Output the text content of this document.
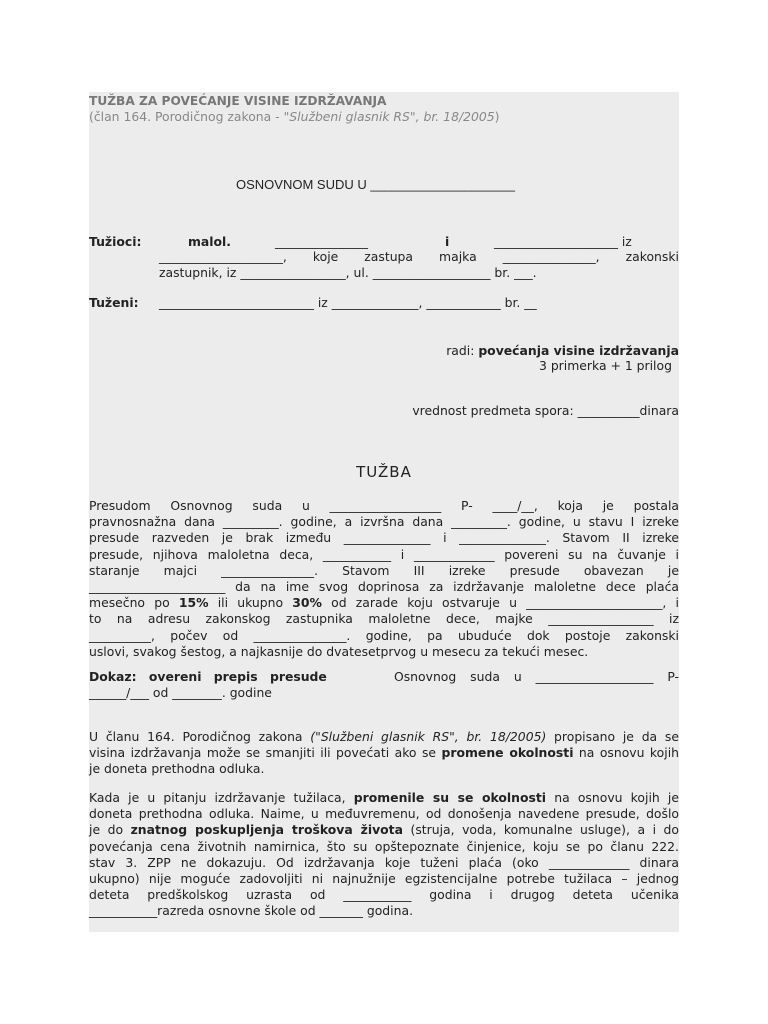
TUŽBA ZA POVEĆANJE VISINE IZDRŽAVANJA
(član 164. Porodičnog zakona - "Službeni glasnik RS", br. 18/2005)
OSNOVNOM SUDU U ____________________
Tužioci:	malol.	_______________	i	____________________ iz
____________________, koje zastupa majka _______________, zakonski
zastupnik, iz _________________, ul. ___________________ br. ___.
Tuženi: _________________________ iz ______________, ____________ br. __
radi: povećanja visine izdržavanja
3 primerka + 1 prilog
vrednost predmeta spora: __________dinara
TUŽBA
Presudom Osnovnog suda u __________________ P- ____/__, koja je postala
pravnosnažna dana _________. godine, a izvršna dana _________. godine, u stavu I izreke
presude razveden je brak između ______________ i ______________. Stavom II izreke
presude, njihova maloletna deca, ___________ i _____________ povereni su na čuvanje i
staranje majci _______________. Stavom III izreke presude obavezan je
______________________ da na ime svog doprinosa za izdržavanje maloletne dece plaća
mesečno po 15% ili ukupno 30% od zarade koju ostvaruje u ______________________, i
to na adresu zakonskog zastupnika maloletne dece, majke _________________ iz
__________, počev od _______________. godine, pa ubuduće dok postoje zakonski
uslovi, svakog šestog, a najkasnije do dvatesetprvog u mesecu za tekući mesec.
Dokaz: overeni prepis presude	Osnovnog suda u ___________________ P-
______/___ od ________. godine
U članu 164. Porodičnog zakona ("Službeni glasnik RS", br. 18/2005) propisano je da se
visina izdržavanja može se smanjiti ili povećati ako se promene okolnosti na osnovu kojih
je doneta prethodna odluka.
Kada je u pitanju izdržavanje tužilaca, promenile su se okolnosti na osnovu kojih je
doneta prethodna odluka. Naime, u međuvremenu, od donošenja navedene presude, došlo
je do znatnog poskupljenja troškova života (struja, voda, komunalne usluge), a i do
povećanja cena životnih namirnica, što su opštepoznate činjenice, koju se po članu 222.
stav 3. ZPP ne dokazuju. Od izdržavanja koje tuženi plaća (oko _____________ dinara
ukupno) nije moguće zadovoljiti ni najnužnije egzistencijalne potrebe tužilaca – jednog
deteta predškolskog uzrasta od ___________ godina i drugog deteta učenika
___________razreda osnovne škole od _______ godina.
